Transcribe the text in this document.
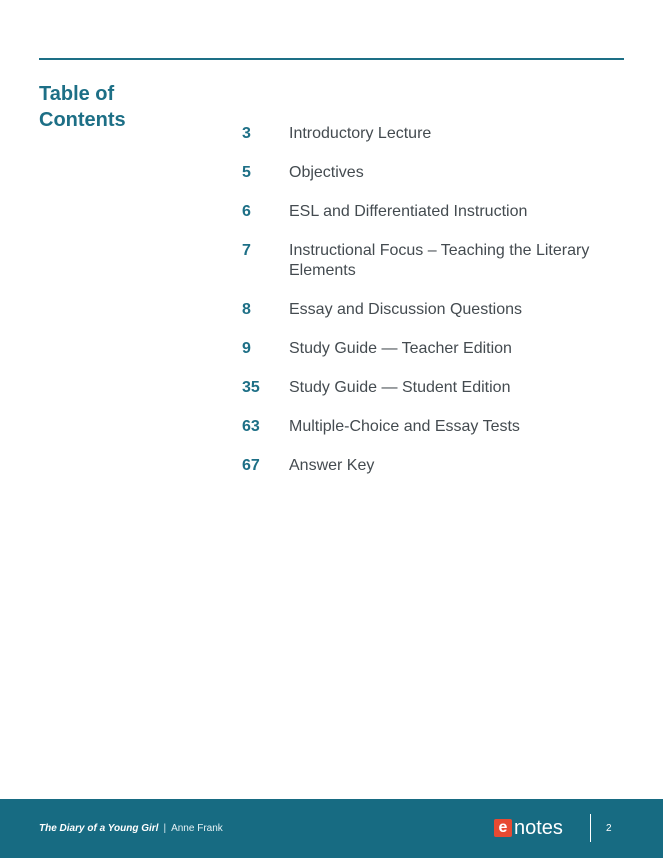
Table of
Contents
3	Introductory Lecture
5	Objectives
6	ESL and Differentiated Instruction
7	Instructional Focus – Teaching the Literary Elements
8	Essay and Discussion Questions
9	Study Guide — Teacher Edition
35	Study Guide — Student Edition
63	Multiple-Choice and Essay Tests
67	Answer Key
The Diary of a Young Girl | Anne Frank	e notes	2
